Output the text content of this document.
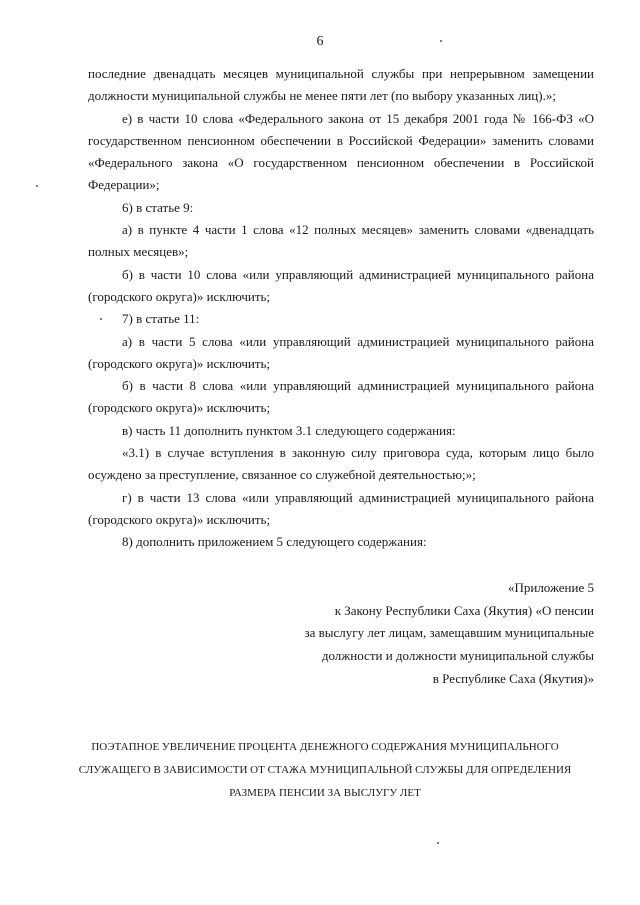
6

последние двенадцать месяцев муниципальной службы при непрерывном замещении должности муниципальной службы не менее пяти лет (по выбору указанных лиц).»;

е) в части 10 слова «Федерального закона от 15 декабря 2001 года № 166-ФЗ «О государственном пенсионном обеспечении в Российской Федерации» заменить словами «Федерального закона «О государственном пенсионном обеспечении в Российской Федерации»;

6) в статье 9:

а) в пункте 4 части 1 слова «12 полных месяцев» заменить словами «двенадцать полных месяцев»;

б) в части 10 слова «или управляющий администрацией муниципального района (городского округа)» исключить;

7) в статье 11:

а) в части 5 слова «или управляющий администрацией муниципального района (городского округа)» исключить;

б) в части 8 слова «или управляющий администрацией муниципального района (городского округа)» исключить;

в) часть 11 дополнить пунктом 3.1 следующего содержания:

«3.1) в случае вступления в законную силу приговора суда, которым лицо было осуждено за преступление, связанное со служебной деятельностью;»;

г) в части 13 слова «или управляющий администрацией муниципального района (городского округа)» исключить;

8) дополнить приложением 5 следующего содержания:

«Приложение 5
к Закону Республики Саха (Якутия) «О пенсии
за выслугу лет лицам, замещавшим муниципальные
должности и должности муниципальной службы
в Республике Саха (Якутия)»
ПОЭТАПНОЕ УВЕЛИЧЕНИЕ ПРОЦЕНТА ДЕНЕЖНОГО СОДЕРЖАНИЯ МУНИЦИПАЛЬНОГО
СЛУЖАЩЕГО В ЗАВИСИМОСТИ ОТ СТАЖА МУНИЦИПАЛЬНОЙ СЛУЖБЫ ДЛЯ ОПРЕДЕЛЕНИЯ
РАЗМЕРА ПЕНСИИ ЗА ВЫСЛУГУ ЛЕТ
